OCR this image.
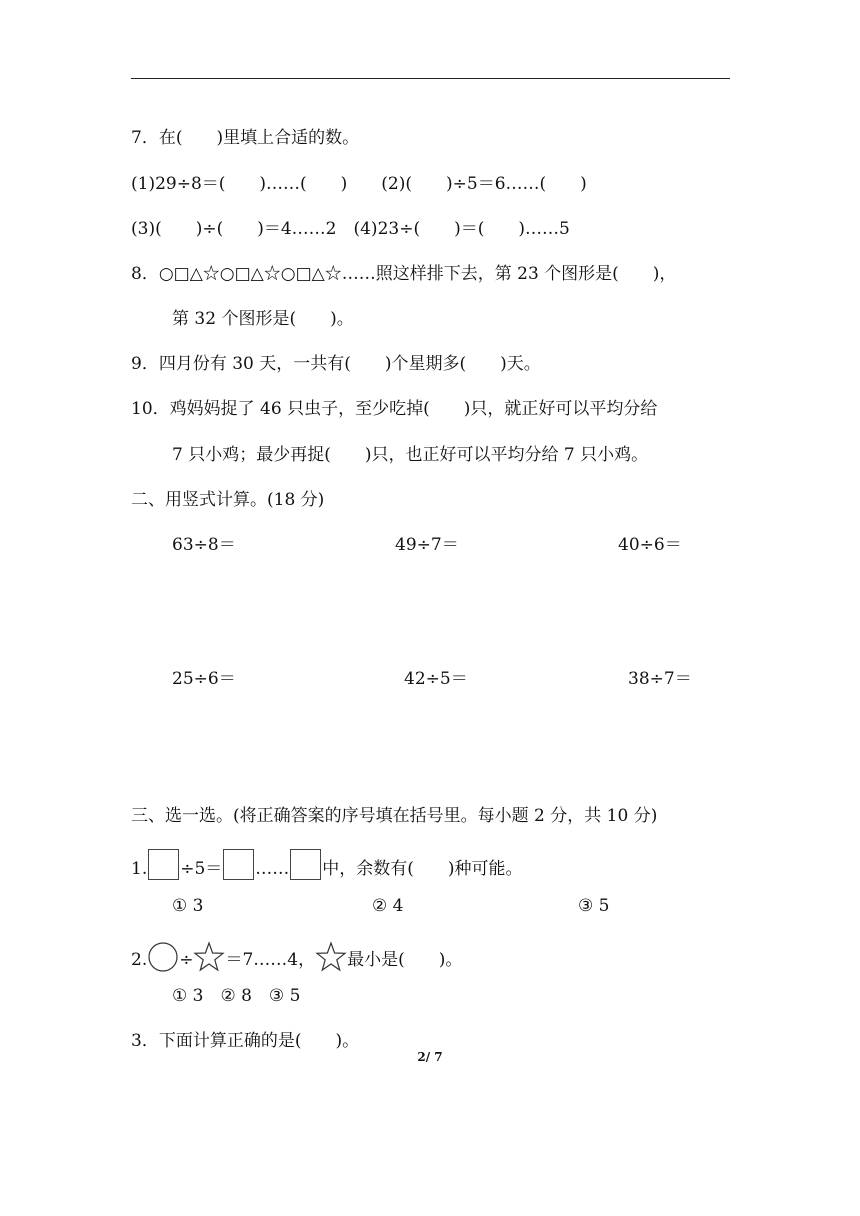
7．在(　　)里填上合适的数。
(1)29÷8＝(　　)……(　　)　　(2)(　　)÷5＝6……(　　)
(3)(　　)÷(　　)＝4……2　(4)23÷(　　)＝(　　)……5
8．○□△☆○□△☆○□△☆……照这样排下去，第 23 个图形是(　　)，
第 32 个图形是(　　)。
9．四月份有 30 天，一共有(　　)个星期多(　　)天。
10．鸡妈妈捉了 46 只虫子，至少吃掉(　　)只，就正好可以平均分给
7 只小鸡；最少再捉(　　)只，也正好可以平均分给 7 只小鸡。
二、用竖式计算。(18 分)
63÷8＝	49÷7＝	40÷6＝
25÷6＝	42÷5＝	38÷7＝
三、选一选。(将正确答案的序号填在括号里。每小题 2 分，共 10 分)
1. ÷5＝ …… 中，余数有(　　)种可能。
① 3	② 4	③ 5
2. ÷ ＝7……4， 最小是(　　)。
① 3　② 8　③ 5
3．下面计算正确的是(　　)。
2/ 7
